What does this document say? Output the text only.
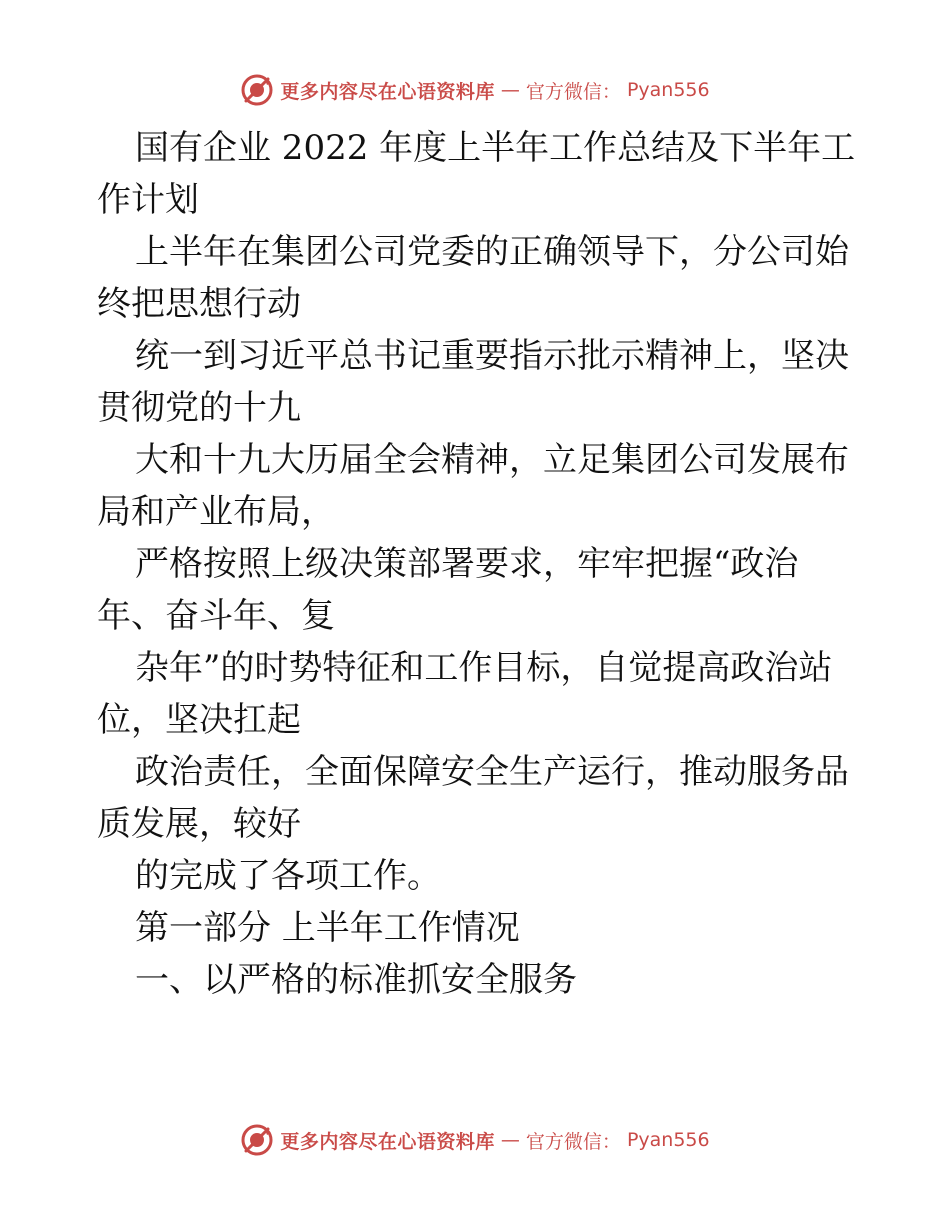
更多内容尽在心语资料库 — 官方微信： Pyan556

国有企业 2022 年度上半年工作总结及下半年工
作计划

上半年在集团公司党委的正确领导下，分公司始
终把思想行动

统一到习近平总书记重要指示批示精神上，坚决
贯彻党的十九

大和十九大历届全会精神，立足集团公司发展布
局和产业布局，

严格按照上级决策部署要求，牢牢把握“政治
年、奋斗年、复

杂年”的时势特征和工作目标，自觉提高政治站
位，坚决扛起

政治责任，全面保障安全生产运行，推动服务品
质发展，较好

的完成了各项工作。

第一部分 上半年工作情况

一、以严格的标准抓安全服务

更多内容尽在心语资料库 — 官方微信： Pyan556
